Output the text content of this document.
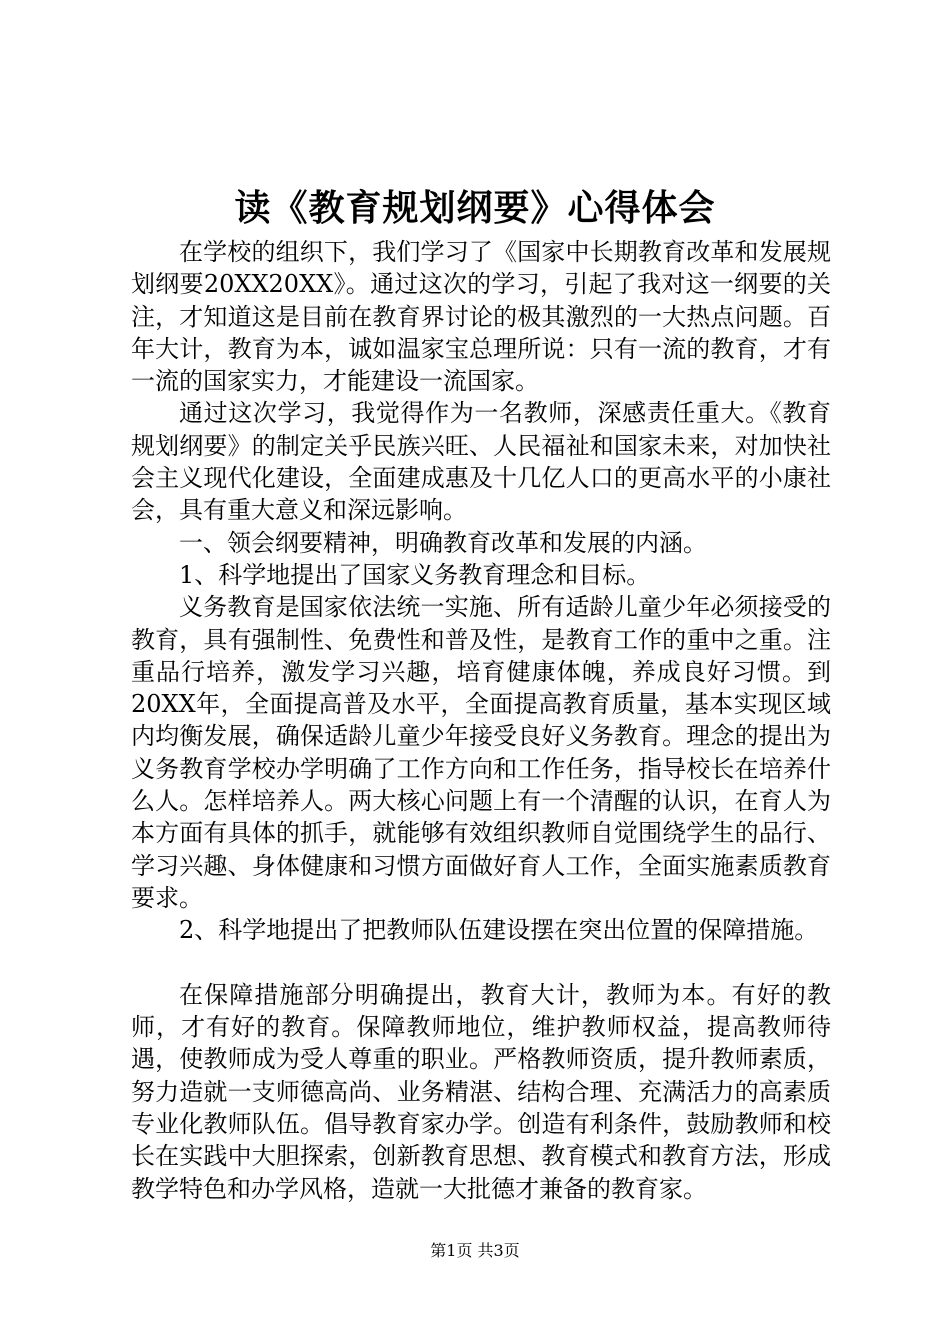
读《教育规划纲要》心得体会

在学校的组织下，我们学习了《国家中长期教育改革和发展规划纲要20XX20XX》。通过这次的学习，引起了我对这一纲要的关注，才知道这是目前在教育界讨论的极其激烈的一大热点问题。百年大计，教育为本，诚如温家宝总理所说：只有一流的教育，才有一流的国家实力，才能建设一流国家。

通过这次学习，我觉得作为一名教师，深感责任重大。《教育规划纲要》的制定关乎民族兴旺、人民福祉和国家未来，对加快社会主义现代化建设，全面建成惠及十几亿人口的更高水平的小康社会，具有重大意义和深远影响。

一、领会纲要精神，明确教育改革和发展的内涵。

1、科学地提出了国家义务教育理念和目标。

义务教育是国家依法统一实施、所有适龄儿童少年必须接受的教育，具有强制性、免费性和普及性，是教育工作的重中之重。注重品行培养，激发学习兴趣，培育健康体魄，养成良好习惯。到20XX年，全面提高普及水平，全面提高教育质量，基本实现区域内均衡发展，确保适龄儿童少年接受良好义务教育。理念的提出为义务教育学校办学明确了工作方向和工作任务，指导校长在培养什么人。怎样培养人。两大核心问题上有一个清醒的认识，在育人为本方面有具体的抓手，就能够有效组织教师自觉围绕学生的品行、学习兴趣、身体健康和习惯方面做好育人工作，全面实施素质教育要求。

2、科学地提出了把教师队伍建设摆在突出位置的保障措施。

在保障措施部分明确提出，教育大计，教师为本。有好的教师，才有好的教育。保障教师地位，维护教师权益，提高教师待遇，使教师成为受人尊重的职业。严格教师资质，提升教师素质，努力造就一支师德高尚、业务精湛、结构合理、充满活力的高素质专业化教师队伍。倡导教育家办学。创造有利条件，鼓励教师和校长在实践中大胆探索，创新教育思想、教育模式和教育方法，形成教学特色和办学风格，造就一大批德才兼备的教育家。

第1页 共3页
